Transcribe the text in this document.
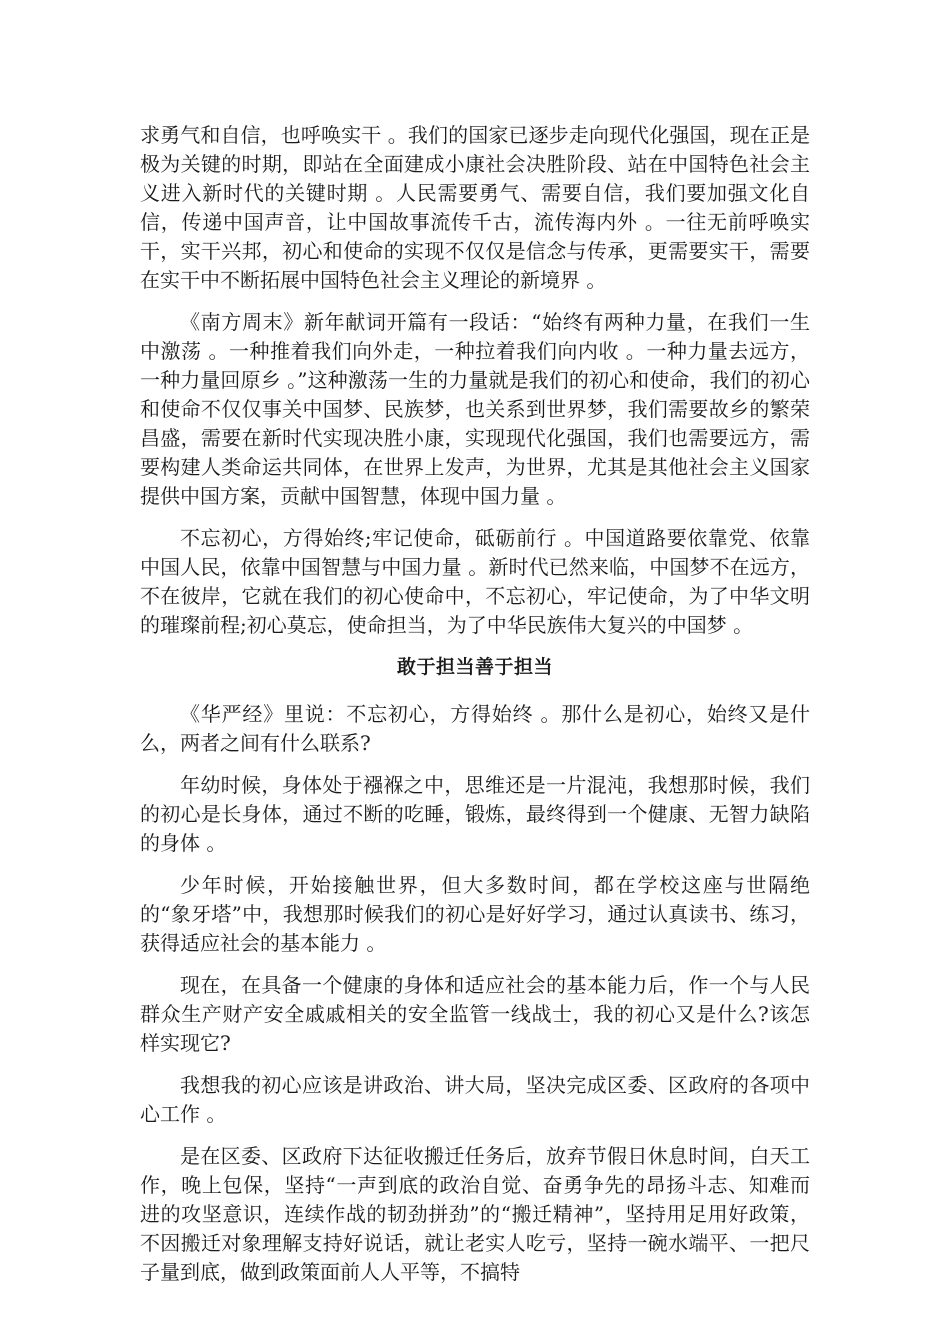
求勇气和自信，也呼唤实干 。我们的国家已逐步走向现代化强国，现在正是极为关键的时期，即站在全面建成小康社会决胜阶段、站在中国特色社会主义进入新时代的关键时期 。人民需要勇气、需要自信，我们要加强文化自信，传递中国声音，让中国故事流传千古，流传海内外 。一往无前呼唤实干，实干兴邦，初心和使命的实现不仅仅是信念与传承，更需要实干，需要在实干中不断拓展中国特色社会主义理论的新境界 。

《南方周末》新年献词开篇有一段话：“始终有两种力量，在我们一生中激荡 。一种推着我们向外走，一种拉着我们向内收 。一种力量去远方，一种力量回原乡 。”这种激荡一生的力量就是我们的初心和使命，我们的初心和使命不仅仅事关中国梦、民族梦，也关系到世界梦，我们需要故乡的繁荣昌盛，需要在新时代实现决胜小康，实现现代化强国，我们也需要远方，需要构建人类命运共同体，在世界上发声，为世界，尤其是其他社会主义国家提供中国方案，贡献中国智慧，体现中国力量 。

不忘初心，方得始终;牢记使命，砥砺前行 。中国道路要依靠党、依靠中国人民，依靠中国智慧与中国力量 。新时代已然来临，中国梦不在远方，不在彼岸，它就在我们的初心使命中，不忘初心，牢记使命，为了中华文明的璀璨前程;初心莫忘，使命担当，为了中华民族伟大复兴的中国梦 。

敢于担当善于担当

《华严经》里说：不忘初心，方得始终 。那什么是初心，始终又是什么，两者之间有什么联系?

年幼时候，身体处于襁褓之中，思维还是一片混沌，我想那时候，我们的初心是长身体，通过不断的吃睡，锻炼，最终得到一个健康、无智力缺陷的身体 。

少年时候，开始接触世界，但大多数时间，都在学校这座与世隔绝的“象牙塔”中，我想那时候我们的初心是好好学习，通过认真读书、练习，获得适应社会的基本能力 。

现在，在具备一个健康的身体和适应社会的基本能力后，作一个与人民群众生产财产安全戚戚相关的安全监管一线战士，我的初心又是什么?该怎样实现它?

我想我的初心应该是讲政治、讲大局，坚决完成区委、区政府的各项中心工作 。

是在区委、区政府下达征收搬迁任务后，放弃节假日休息时间，白天工作，晚上包保，坚持“一声到底的政治自觉、奋勇争先的昂扬斗志、知难而进的攻坚意识，连续作战的韧劲拼劲”的“搬迁精神”，坚持用足用好政策，不因搬迁对象理解支持好说话，就让老实人吃亏，坚持一碗水端平、一把尺子量到底，做到政策面前人人平等，不搞特
